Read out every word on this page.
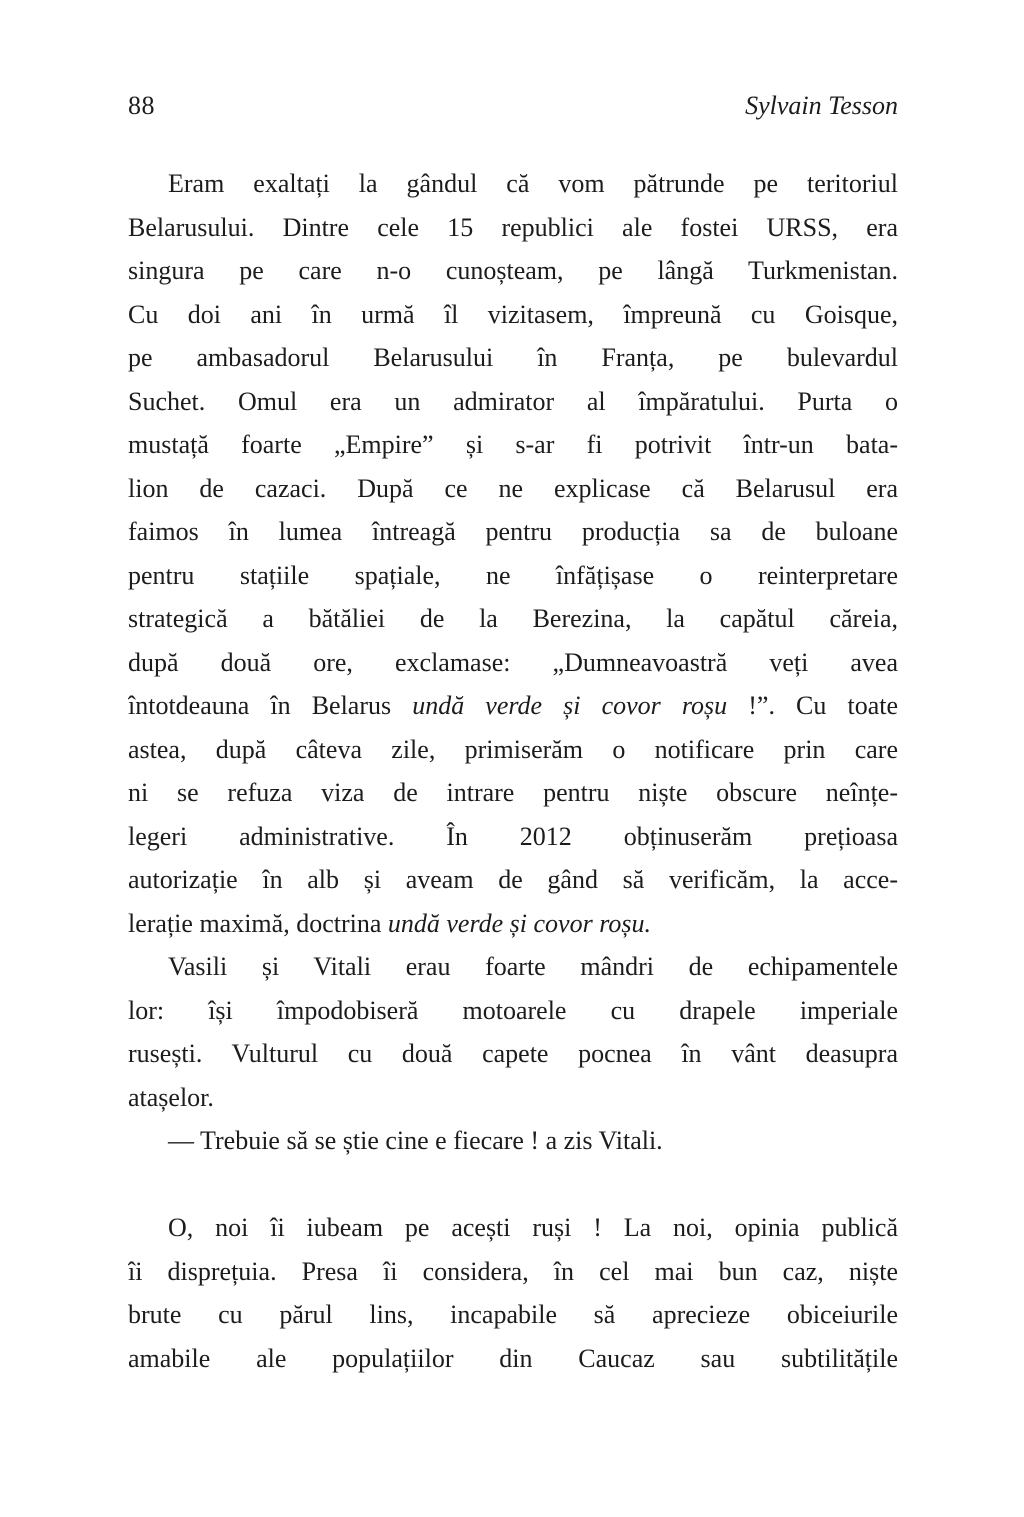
88	Sylvain Tesson
Eram exaltați la gândul că vom pătrunde pe teritoriul
Belarusului. Dintre cele 15 republici ale fostei URSS, era
singura pe care n-o cunoșteam, pe lângă Turkmenistan.
Cu doi ani în urmă îl vizitasem, împreună cu Goisque,
pe ambasadorul Belarusului în Franța, pe bulevardul
Suchet. Omul era un admirator al împăratului. Purta o
mustață foarte „Empire” și s-ar fi potrivit într-un bata-
lion de cazaci. După ce ne explicase că Belarusul era
faimos în lumea întreagă pentru producția sa de buloane
pentru stațiile spațiale, ne înfățișase o reinterpretare
strategică a bătăliei de la Berezina, la capătul căreia,
după două ore, exclamase: „Dumneavoastră veți avea
întotdeauna în Belarus undă verde și covor roșu !”. Cu toate
astea, după câteva zile, primiserăm o notificare prin care
ni se refuza viza de intrare pentru niște obscure neînțe-
legeri administrative. În 2012 obținuserăm prețioasa
autorizație în alb și aveam de gând să verificăm, la acce-
lerație maximă, doctrina undă verde și covor roșu.
Vasili și Vitali erau foarte mândri de echipamentele
lor: își împodobiseră motoarele cu drapele imperiale
rusești. Vulturul cu două capete pocnea în vânt deasupra
atașelor.
— Trebuie să se știe cine e fiecare ! a zis Vitali.
O, noi îi iubeam pe acești ruși ! La noi, opinia publică
îi disprețuia. Presa îi considera, în cel mai bun caz, niște
brute cu părul lins, incapabile să aprecieze obiceiurile
amabile ale populațiilor din Caucaz sau subtilitățile
